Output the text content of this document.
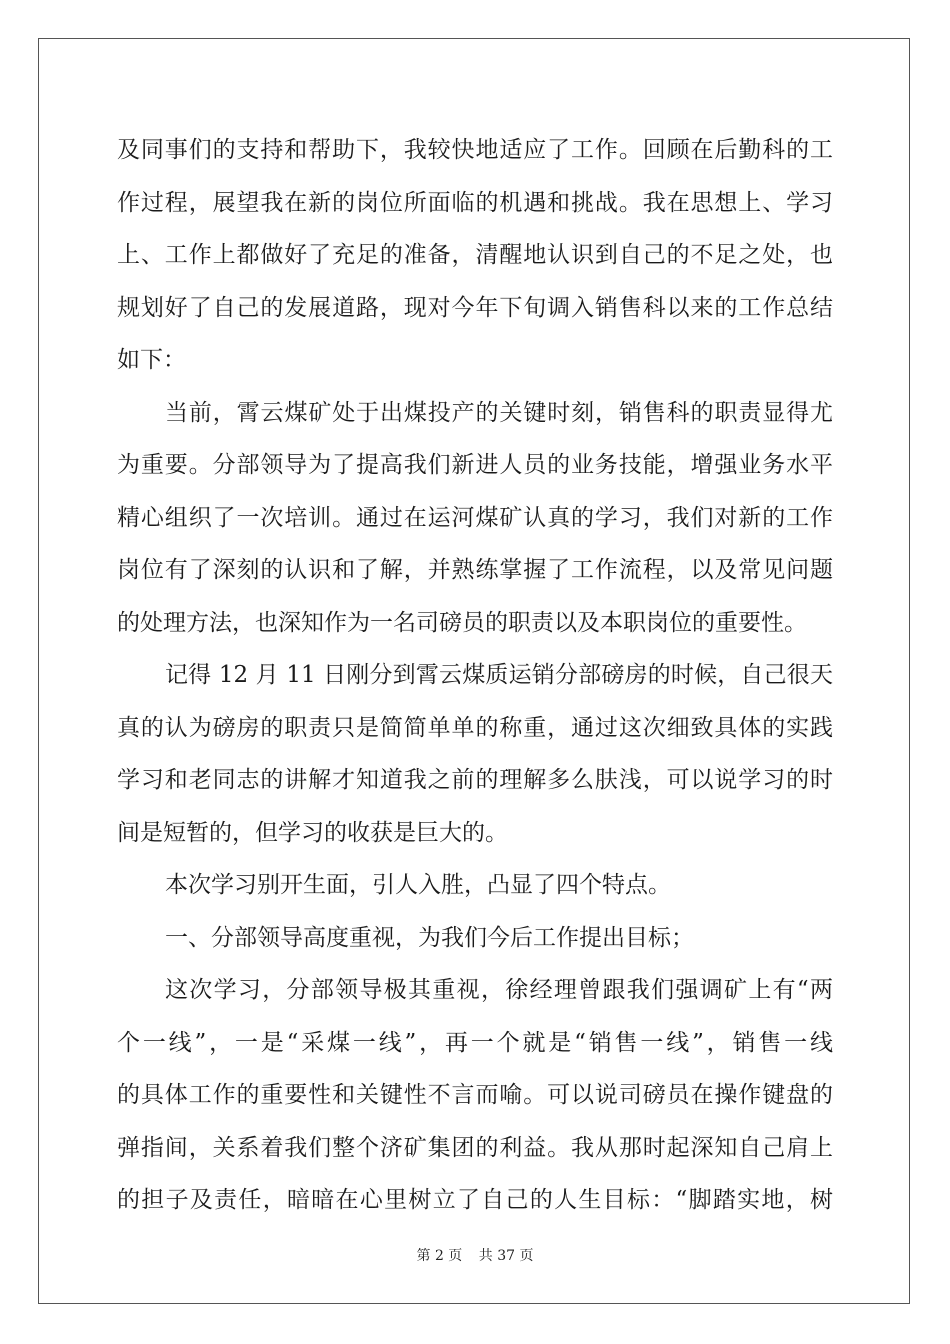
及同事们的支持和帮助下，我较快地适应了工作。回顾在后勤科的工
作过程，展望我在新的岗位所面临的机遇和挑战。我在思想上、学习
上、工作上都做好了充足的准备，清醒地认识到自己的不足之处，也
规划好了自己的发展道路，现对今年下旬调入销售科以来的工作总结
如下：
当前，霄云煤矿处于出煤投产的关键时刻，销售科的职责显得尤
为重要。分部领导为了提高我们新进人员的业务技能，增强业务水平
精心组织了一次培训。通过在运河煤矿认真的学习，我们对新的工作
岗位有了深刻的认识和了解，并熟练掌握了工作流程，以及常见问题
的处理方法，也深知作为一名司磅员的职责以及本职岗位的重要性。
记得 12 月 11 日刚分到霄云煤质运销分部磅房的时候，自己很天
真的认为磅房的职责只是简简单单的称重，通过这次细致具体的实践
学习和老同志的讲解才知道我之前的理解多么肤浅，可以说学习的时
间是短暂的，但学习的收获是巨大的。
本次学习别开生面，引人入胜，凸显了四个特点。
一、分部领导高度重视，为我们今后工作提出目标；
这次学习，分部领导极其重视，徐经理曾跟我们强调矿上有“两
个一线”，一是“采煤一线”，再一个就是“销售一线”，销售一线
的具体工作的重要性和关键性不言而喻。可以说司磅员在操作键盘的
弹指间，关系着我们整个济矿集团的利益。我从那时起深知自己肩上
的担子及责任，暗暗在心里树立了自己的人生目标：“脚踏实地，树
第 2 页 共 37 页
